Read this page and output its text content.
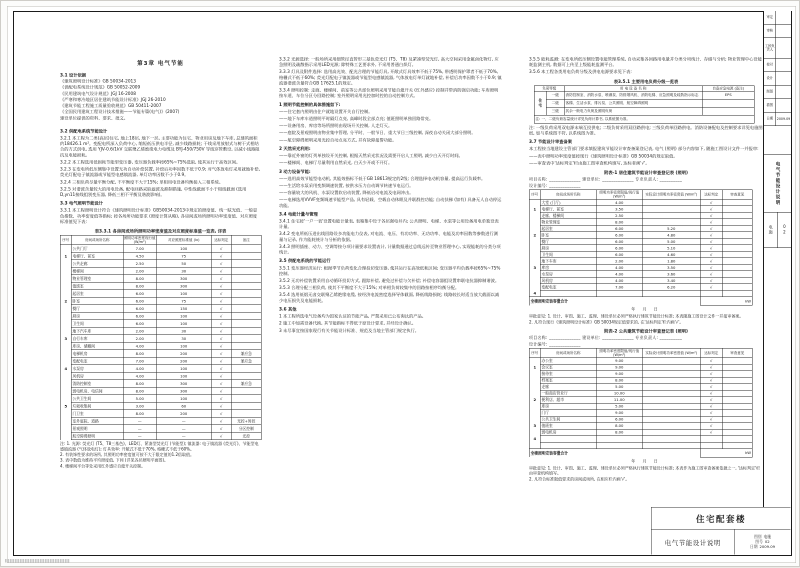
第3章 电气节能
3.1 设计依据
《建筑照明设计标准》GB 50034-2013
《供配电系统设计规范》GB 50052-2009
《民用建筑电气设计规范》JGJ 16-2008
《严寒和寒冷地区居住建筑节能设计标准》JGJ 26-2010
《建筑节能工程施工质量验收规范》GB 50411-2007
《全国民用建筑工程设计技术措施——节能专篇(电气)》(2007)
建设单位提供的资料、要求、批文。
3.2 供配电系统节能设计
3.2.1 本工程为二类(高层)住宅, 地上18层, 地下一层, 主要功能为住宅、物业用房及地下车库, 总建筑面积约18426.1 m²。变配电所深入负荷中心, 缩短低压供电半径, 减少线路损耗; 干线采用放射式与树干式相结合的方式供电, 选用 YJV-0.6/1kV 交联聚乙烯绝缘电力电缆及 BYJ-450/750V 导线穿管敷设, 以减小线路阻抗及电能损耗。
3.2.2 本工程选用低损耗节能型变压器, 变压器负载率按65%~75%选取, 使其运行于高效区间。
3.2.3 在变电所低压侧集中设置无功自动补偿装置, 补偿后功率因数不低于0.9; 对气体放电灯采用就地补偿, 荧光灯配电子镇流器或节能型电感镇流器, 单灯功率因数不小于0.9。
3.2.4 三相负荷尽量平衡分配, 不平衡度不大于15%; 单相用电设备均衡接入三相系统。
3.2.5 对谐波含量较大的用电设备, 配电回路采取滤波及抑制措施, 中性线截面不小于相线截面 (选用D,yn11接线组别变压器, 降低三相不平衡及谐波影响)。
3.3 电气照明节能设计
3.3.1 本工程照明设计符合《建筑照明设计标准》GB50034-2013中规定的照度值、统一眩光值、一般显色指数、功率密度值等指标; 按各场所功能要求 (照度计算从略), 各房间或场所照明功率密度值、对应照度标准值见下表:
表3.3.1 各房间或场所照明功率密度值及对应照度标准值一览表, 详表
序号	房间或场所名称	照明功率密度现行值 (W/m²)	对应照度标准值 (lx)	达标判定	备注
	公共门厅	7.00	100	√	
1	电梯厅、前室	4.50	75	√	
	公共走廊	2.50	50	√	
	楼梯间	2.00	30	√	
	物业管理室	8.00	300	√	
	值班室	8.00	300	√	
	起居室	6.00	100	√	
2	卧室	6.00	75	√	
	餐厅	6.00	150	√	
	厨房	6.00	100	√	
	卫生间	6.00	100	√	
	地下汽车库	2.00	30	√	
3	自行车库	2.00	30	√	
	库房、储藏间	4.00	100	√	
	电梯机房	8.00	200	√	兼应急
	变配电室	7.00	200	√	兼应急
4	水泵房	4.00	100	√	
	风机房	4.00	100	√	
	消防控制室	8.00	300	√	兼应急
	弱电机房、电信间	8.00	300	√	
	公共卫生间	5.00	100	√	
5	垃圾收集间	3.00	60	√	
	门卫室	8.00	200	√	
	室外庭院、道路	—	—	√	光控+时控
	景观照明	—	—	√	分区控制
	航空障碍照明	—	—	√	光控
注: 1. 光源: 荧光灯 (T5、T8三基色)、LED灯、紧凑型荧光灯 (节能型); 镇流器: 电子镇流器 (荧光灯)、节能型电感镇流器 (气体放电灯); 灯具效率: 开敞式不低于70%, 格栅式不低于60%。
2. 有装饰性要求的场所, 其照明功率密度值可按不大于限定值的1.2倍取值。
3. 表中数值为维持平均照度值, 下同 (详见各层照明平面图)。
4. 楼梯间平台等处采用红外感应自熄开关控制。
3.3.2 光源选择: 一般场所采用细管径直管形三基色荧光灯 (T5、T8) 及紧凑型荧光灯, 高大空间采用金属卤化物灯, 应急照明及疏散指示采用LED光源; 除特殊工艺要求外, 不采用普通白炽灯。
3.3.3 灯具及附件选择: 选用高光效、配光合理的节能灯具, 开敞式灯具效率不低于75%, 带透明保护罩者不低于70%, 格栅式不低于60%; 荧光灯配电子镇流器或节能型电感镇流器, 气体放电灯单灯就地补偿, 补偿后功率因数不小于0.9; 镇流器谐波含量符合GB 17625.1的规定。
3.3.4 照明控制: 走廊、楼梯间、前室等公共部位照明采用节能自熄开关 (红外感应) 控制并带消防强启功能; 车库照明按车道、车位分区分回路控制; 室外照明采用光控加时控的自动控制方式。
1 照明节能控制的具体措施如下:
——住宅套内照明由住户就地设置开关自行控制。
——地下车库车道照明平时隔灯点亮, 高峰时段全部点亮; 值班照明单独回路常亮。
——设备用房、库房等场所照明由现场开关控制, 人走灯灭。
——庭院及景观照明由物业集中管理, 分平时、一般节日、重大节日三级控制, 深夜自动关闭大部分照明。
——航空障碍照明采用光控自动点亮方式, 并有故障报警功能。
2 天然采光利用:
——靠近外窗的灯列单独设开关控制, 根据天然采光状况及需要开启人工照明, 减少白天开灯时间。
——楼梯间、电梯厅尽量利用自然采光, 白天少开或不开灯。
3 动力设备节能:
——选用高效节能型电动机, 其能效指标不低于GB 18613规定的2级; 合理选择电动机容量, 提高运行负载率。
——生活给水泵采用变频调速装置, 按供水压力自动调节转速节电运行。
——容量较大的风机、水泵设置软启动装置, 降低启动电流及电网冲击。
——电梯选用VVVF变频调速节能型产品, 具有轻载、空载自动休眠及并联群控功能; 自动扶梯 (如有) 具备无人自动停运功能。
3.4 电能计量与管理
3.4.1 住宅按'一户一表'设置电能计量表, 表箱集中设于各层强电井内; 公共照明、电梯、水泵等公用设备用电单独设表计量。
3.4.2 变电所低压进出线回路设多功能电力仪表, 对电流、电压、有功功率、无功功率、电能及功率因数等参数进行测量与记录, 作为能耗统计与分析的依据。
3.4.3 照明插座、动力、空调等按分项计量要求设置表计, 计量数据通过总线远传至物业管理中心, 实现能耗的分类分项统计。
3.5 供配电系统的节能运行
3.5.1 变压器经济运行: 根据季节负荷变化合理投切变压器, 使其运行在高效低耗区间; 变压器平均负载率按65%~75%控制。
3.5.2 无功补偿装置采用自动循环投切方式, 跟踪补偿, 避免过补偿与欠补偿; 补偿电容器组设置串联电抗器抑制谐波。
3.5.3 合理分配三相负荷, 使其不平衡度不大于15%; 对单相负荷较集中的回路按相序均衡分配。
3.5.4 选用低烟无卤交联聚乙烯绝缘电缆, 按经济电流密度选择导体截面, 降低线路损耗; 线路较长时适当放大截面以减少电压损失及电能损耗。
3.6 其他
1 本工程所选电气设备均为国家认证的节能产品, 严禁采用已公布淘汰的产品。
2 施工中如需设备代换, 其节能指标不得低于原设计要求, 并经设计确认。
3 未尽事宜按国家现行有关节能设计标准、规范及当地主管部门规定执行。
3.5.5 能耗监测: 在变电所低压侧设置电能管理系统, 自动采集各回路用电量并分类分项统计、存储与分析; 物业管理中心设能耗监测主机, 数据可上传至上级能耗监测平台。
3.5.6 本工程各类用电负荷分级及供电电源要求见下表:
表3.5.1 主要用电负荷分级一览表
负荷等级		用 电 设 备 名 称	自备应急电源 (备注)
住宅	一级	消防控制室、消防水泵、喷淋泵、防排烟风机、消防电梯、应急照明及疏散指示标志	EPS
	二级	客梯、生活水泵、排污泵、公共照明、航空障碍照明	
	三级	其余一般电力负荷及照明负荷	
注: 一、二级负荷容量统计详见负荷计算书, 以系统图为准。			
注: 一级负荷采用双电源末端互投供电; 二级负荷采用双回路供电; 三级负荷单回路供电。消防设备配电及控制要求详见电施图纸, 如与系统图不符, 以系统图为准。
3.7 节能设计审查备案
本工程按当地建设主管部门要求填报建筑节能设计审查备案登记表, 电气 (照明) 部分内容如下, 随施工图设计文件一并报审:
——表中照明功率密度值按现行《建筑照明设计标准》GB 50034的规定取值。
——审查表中'达标判定'栏由施工图审查机构填写, 达标者画'√'。
附表-1 居住建筑节能设计审查登记表 (照明)
项目名称: ______________ 建设单位: ______________ 专业负责人: __________
设计编号: ______________
序号	房间或场所名称	照明功率密度限值/现行值 (W/m²)	实际设计照明功率密度值 (W/m²)	达标判定	审查意见
	大堂 (门厅)	4.00		√	
1	电梯厅、前室	3.50		√	
	走廊、楼梯间	2.50		√	
	物业管理室	8.00		√	
	起居室	6.00	5.20	√	
2	卧室	6.00	4.80	√	
	餐厅	6.00	5.00	√	
	厨房	6.00	5.10	√	
	卫生间	6.00	4.60	√	
	地下车库	2.00	1.80	√	
3	库房	4.00	3.50	√	
	水泵房	4.00	3.60	√	
	风机房	4.00	3.40	√	
	变配电室	7.00	6.20	√	
4					
全楼照明安装容量合计				kW	
年 月 日
审批意见: 1. 设计、审图、施工、监理、建设单位必须严格执行建筑节能设计标准; 本表随施工图设计文件一并报审备案。
2. 凡符合现行《建筑照明设计标准》GB 50034规定值要求的, 在'达标判定'栏内画'√'。
附表-2 公共建筑节能设计审查登记表 (照明)
项目名称: ______________ 建设单位: ______________ 专业负责人: __________
设计编号: ______________
序号	房间或场所名称	照明功率密度限值/现行值 (W/m²)	实际设计照明功率密度值 (W/m²)	达标判定	审查意见
	办公室	9.00		√	
1	会议室	9.00		√	
	接待室	9.00		√	
	档案室	8.00		√	
	走廊	5.00		√	
	一般商店营业厅	10.00		√	
2	便利店、超市	11.00		√	
	库房	5.00		√	
	门厅	9.00		√	
	公共卫生间	6.00		√	
3	值班室	8.00		√	
	弱电机房	8.00		√	
4					

全楼照明安装容量合计				kW	
年 月 日
审批意见: 1. 设计、审图、施工、监理、建设单位必须严格执行建筑节能设计标准; 本表作为施工图审查备案依据之一, '达标判定'栏由审查机构填写。
2. 凡符合标准限值要求的房间或场所, 在相应栏内画'√'。
审定
审核
工种负责人
校对
设计
制图
描图
日期 2009.09
电气节能设计说明
电施 02
住宅配套楼
电气节能设计说明
图别 电施
图号 02
日期 2009.09
